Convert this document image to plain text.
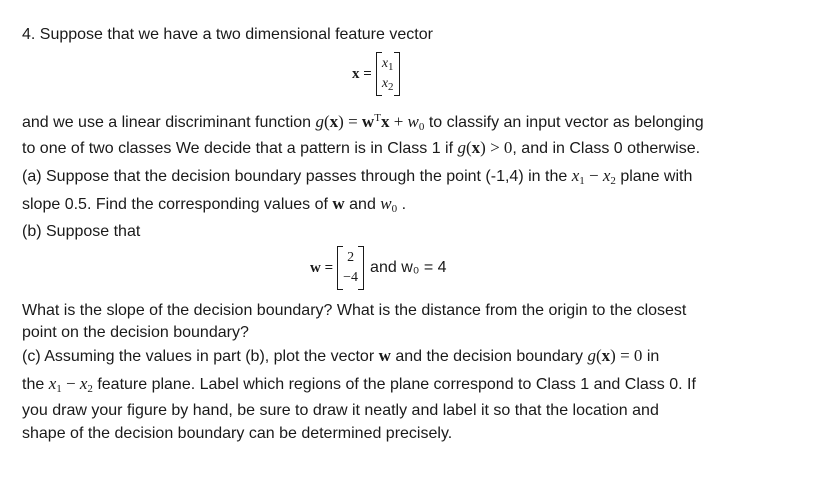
4. Suppose that we have a two dimensional feature vector
x =
$x_1$
$x_2$
and we use a linear discriminant function $g(x) = w^Tx + w_0$ to classify an input vector as belonging
to one of two classes We decide that a pattern is in Class 1 if g(x) > 0, and in Class 0 otherwise.
(a) Suppose that the decision boundary passes through the point (-1,4) in the $x_1 - x_2$ plane with
slope 0.5. Find the corresponding values of w and $w_0$ .
(b) Suppose that
w =
2
−4
and w₀ = 4
What is the slope of the decision boundary? What is the distance from the origin to the closest
point on the decision boundary?
(c) Assuming the values in part (b), plot the vector w and the decision boundary g(x) = 0 in
the $x_1 - x_2$ feature plane. Label which regions of the plane correspond to Class 1 and Class 0. If
you draw your figure by hand, be sure to draw it neatly and label it so that the location and
shape of the decision boundary can be determined precisely.
